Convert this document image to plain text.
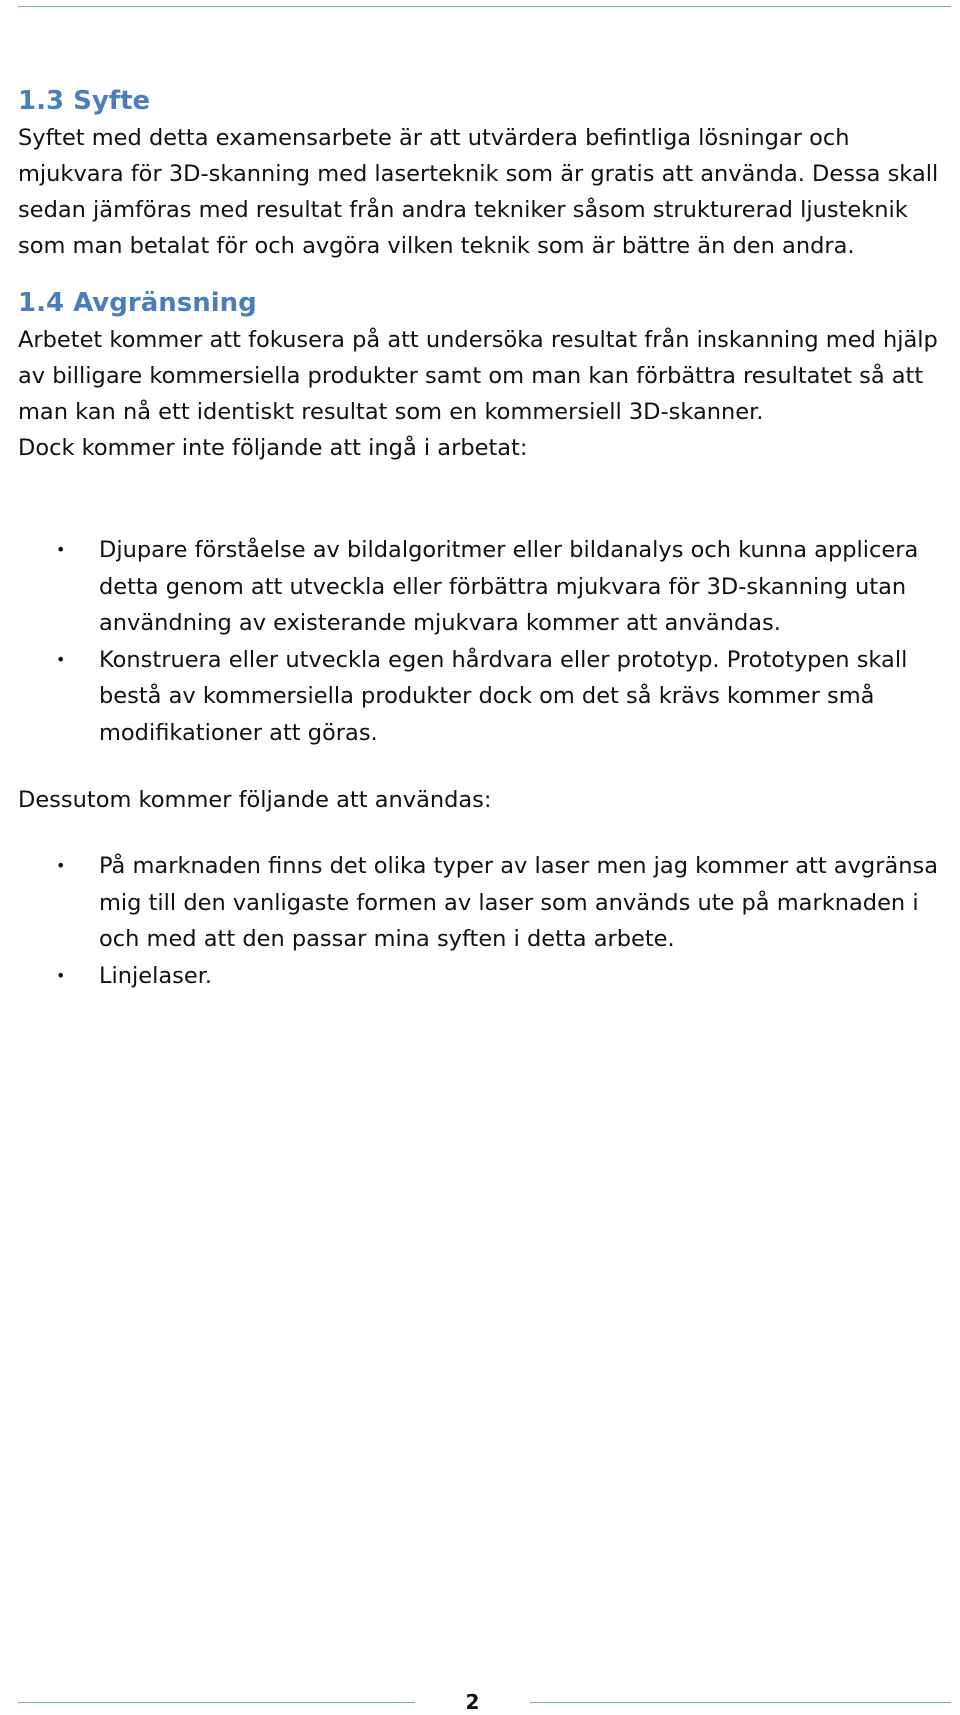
1.3 Syfte

Syftet med detta examensarbete är att utvärdera befintliga lösningar och
mjukvara för 3D-skanning med laserteknik som är gratis att använda. Dessa skall
sedan jämföras med resultat från andra tekniker såsom strukturerad ljusteknik
som man betalat för och avgöra vilken teknik som är bättre än den andra.

1.4 Avgränsning

Arbetet kommer att fokusera på att undersöka resultat från inskanning med hjälp
av billigare kommersiella produkter samt om man kan förbättra resultatet så att
man kan nå ett identiskt resultat som en kommersiell 3D-skanner.
Dock kommer inte följande att ingå i arbetat:

• Djupare förståelse av bildalgoritmer eller bildanalys och kunna applicera
detta genom att utveckla eller förbättra mjukvara för 3D-skanning utan
användning av existerande mjukvara kommer att användas.
• Konstruera eller utveckla egen hårdvara eller prototyp. Prototypen skall
bestå av kommersiella produkter dock om det så krävs kommer små
modifikationer att göras.

Dessutom kommer följande att användas:

• På marknaden finns det olika typer av laser men jag kommer att avgränsa
mig till den vanligaste formen av laser som används ute på marknaden i
och med att den passar mina syften i detta arbete.
• Linjelaser.
2
